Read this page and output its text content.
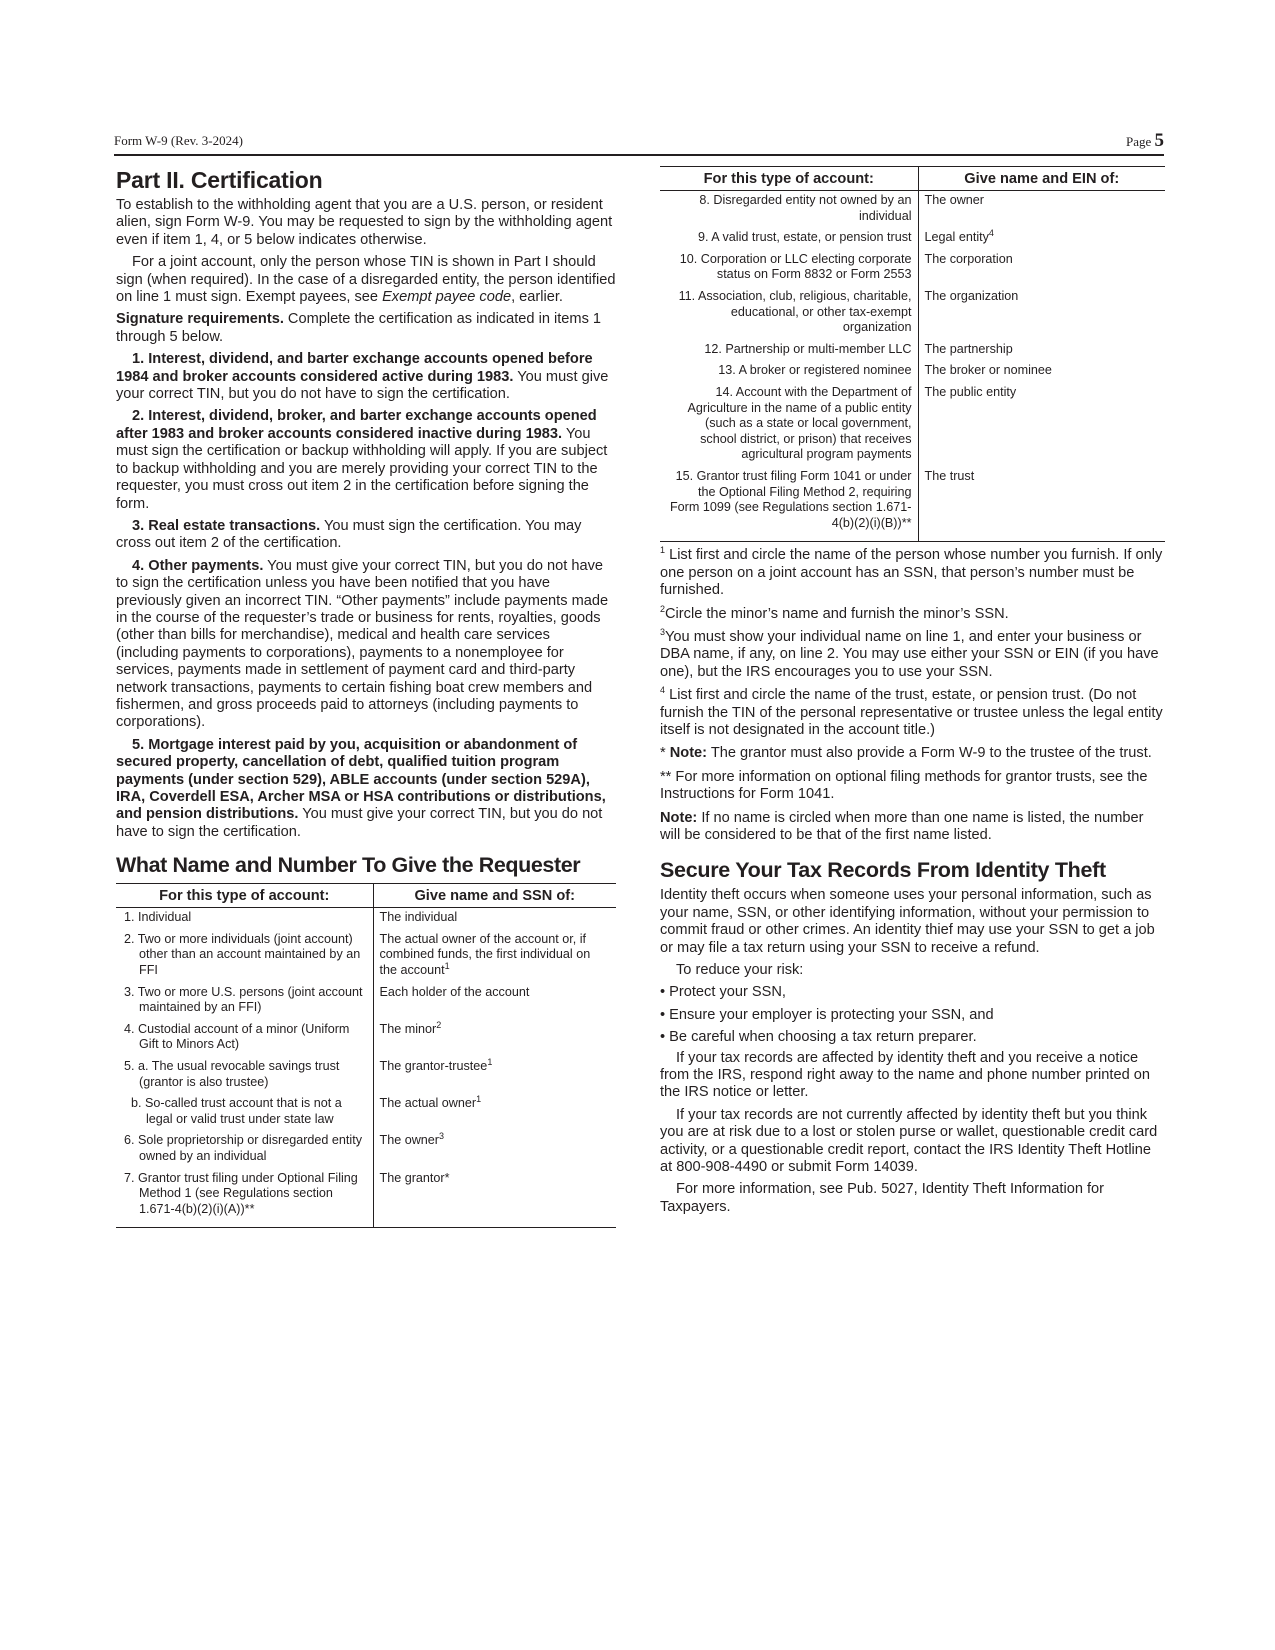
Form W-9 (Rev. 3-2024)	Page 5
Part II. Certification

To establish to the withholding agent that you are a U.S. person, or resident alien, sign Form W-9. You may be requested to sign by the withholding agent even if item 1, 4, or 5 below indicates otherwise.

For a joint account, only the person whose TIN is shown in Part I should sign (when required). In the case of a disregarded entity, the person identified on line 1 must sign. Exempt payees, see Exempt payee code, earlier.

Signature requirements. Complete the certification as indicated in items 1 through 5 below.

1. Interest, dividend, and barter exchange accounts opened before 1984 and broker accounts considered active during 1983. You must give your correct TIN, but you do not have to sign the certification.

2. Interest, dividend, broker, and barter exchange accounts opened after 1983 and broker accounts considered inactive during 1983. You must sign the certification or backup withholding will apply. If you are subject to backup withholding and you are merely providing your correct TIN to the requester, you must cross out item 2 in the certification before signing the form.

3. Real estate transactions. You must sign the certification. You may cross out item 2 of the certification.

4. Other payments. You must give your correct TIN, but you do not have to sign the certification unless you have been notified that you have previously given an incorrect TIN. “Other payments” include payments made in the course of the requester’s trade or business for rents, royalties, goods (other than bills for merchandise), medical and health care services (including payments to corporations), payments to a nonemployee for services, payments made in settlement of payment card and third-party network transactions, payments to certain fishing boat crew members and fishermen, and gross proceeds paid to attorneys (including payments to corporations).

5. Mortgage interest paid by you, acquisition or abandonment of secured property, cancellation of debt, qualified tuition program payments (under section 529), ABLE accounts (under section 529A), IRA, Coverdell ESA, Archer MSA or HSA contributions or distributions, and pension distributions. You must give your correct TIN, but you do not have to sign the certification.

What Name and Number To Give the Requester
For this type of account:	Give name and SSN of:
1. Individual	The individual

2. Two or more individuals (joint account) other than an account maintained by an FFI	The actual owner of the account or, if combined funds, the first individual on the account$^1$

3. Two or more U.S. persons (joint account maintained by an FFI)	Each holder of the account

4. Custodial account of a minor (Uniform Gift to Minors Act)	The minor$^2$

5. a. The usual revocable savings trust (grantor is also trustee)	The grantor-trustee$^1$

b. So-called trust account that is not a legal or valid trust under state law	The actual owner$^1$

6. Sole proprietorship or disregarded entity owned by an individual	The owner$^3$

7. Grantor trust filing under Optional Filing Method 1 (see Regulations section 1.671-4(b)(2)(i)(A))**	The grantor*
For this type of account:	Give name and EIN of:
8. Disregarded entity not owned by an individual	The owner
9. A valid trust, estate, or pension trust	Legal entity$^4$
10. Corporation or LLC electing corporate status on Form 8832 or Form 2553	The corporation
11. Association, club, religious, charitable, educational, or other tax-exempt organization	The organization
12. Partnership or multi-member LLC	The partnership
13. A broker or registered nominee	The broker or nominee
14. Account with the Department of Agriculture in the name of a public entity (such as a state or local government, school district, or prison) that receives agricultural program payments	The public entity
15. Grantor trust filing Form 1041 or under the Optional Filing Method 2, requiring Form 1099 (see Regulations section 1.671-4(b)(2)(i)(B))**	The trust

$^1$ List first and circle the name of the person whose number you furnish. If only one person on a joint account has an SSN, that person’s number must be furnished.

$^2$Circle the minor’s name and furnish the minor’s SSN.

$^3$You must show your individual name on line 1, and enter your business or DBA name, if any, on line 2. You may use either your SSN or EIN (if you have one), but the IRS encourages you to use your SSN.

$^4$ List first and circle the name of the trust, estate, or pension trust. (Do not furnish the TIN of the personal representative or trustee unless the legal entity itself is not designated in the account title.)

* Note: The grantor must also provide a Form W-9 to the trustee of the trust.

** For more information on optional filing methods for grantor trusts, see the Instructions for Form 1041.

Note: If no name is circled when more than one name is listed, the number will be considered to be that of the first name listed.

Secure Your Tax Records From Identity Theft

Identity theft occurs when someone uses your personal information, such as your name, SSN, or other identifying information, without your permission to commit fraud or other crimes. An identity thief may use your SSN to get a job or may file a tax return using your SSN to receive a refund.

To reduce your risk:

• Protect your SSN,

• Ensure your employer is protecting your SSN, and

• Be careful when choosing a tax return preparer.

If your tax records are affected by identity theft and you receive a notice from the IRS, respond right away to the name and phone number printed on the IRS notice or letter.

If your tax records are not currently affected by identity theft but you think you are at risk due to a lost or stolen purse or wallet, questionable credit card activity, or a questionable credit report, contact the IRS Identity Theft Hotline at 800-908-4490 or submit Form 14039.

For more information, see Pub. 5027, Identity Theft Information for Taxpayers.
